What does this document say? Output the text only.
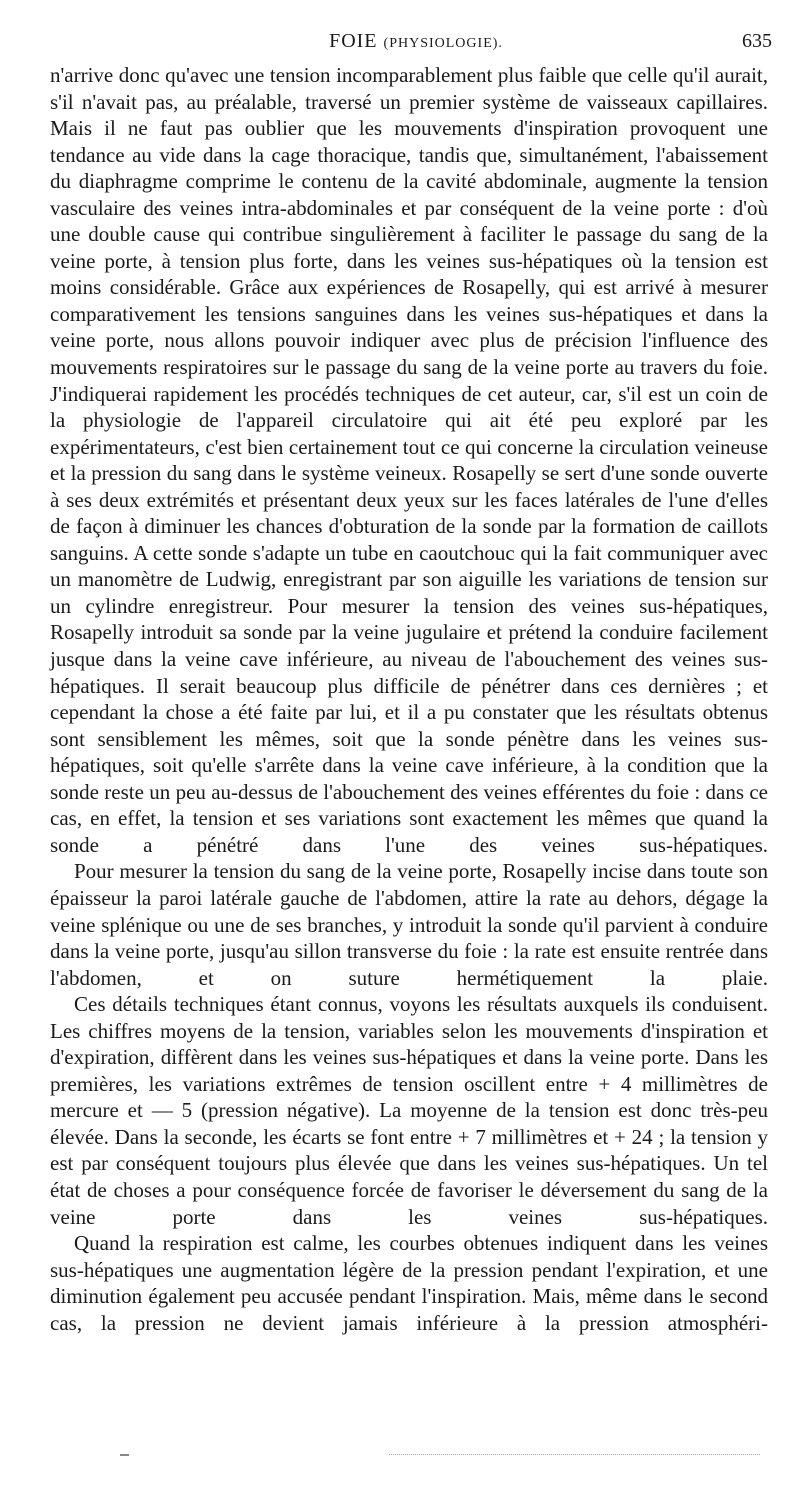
FOIE (PHYSIOLOGIE).	635

n'arrive donc qu'avec une tension incomparablement plus faible que celle qu'il aurait, s'il n'avait pas, au préalable, traversé un premier système de vaisseaux capillaires. Mais il ne faut pas oublier que les mouvements d'inspiration provoquent une tendance au vide dans la cage thoracique, tandis que, simultanément, l'abaissement du diaphragme comprime le contenu de la cavité abdominale, augmente la tension vasculaire des veines intra-abdominales et par conséquent de la veine porte : d'où une double cause qui contribue singulièrement à faciliter le passage du sang de la veine porte, à tension plus forte, dans les veines sus-hépatiques où la tension est moins considérable. Grâce aux expériences de Rosapelly, qui est arrivé à mesurer comparativement les tensions sanguines dans les veines sus-hépatiques et dans la veine porte, nous allons pouvoir indiquer avec plus de précision l'influence des mouvements respiratoires sur le passage du sang de la veine porte au travers du foie. J'indiquerai rapidement les procédés techniques de cet auteur, car, s'il est un coin de la physiologie de l'appareil circulatoire qui ait été peu exploré par les expérimentateurs, c'est bien certainement tout ce qui concerne la circulation veineuse et la pression du sang dans le système veineux. Rosapelly se sert d'une sonde ouverte à ses deux extrémités et présentant deux yeux sur les faces latérales de l'une d'elles de façon à diminuer les chances d'obturation de la sonde par la formation de caillots sanguins. A cette sonde s'adapte un tube en caoutchouc qui la fait communiquer avec un manomètre de Ludwig, enregistrant par son aiguille les variations de tension sur un cylindre enregistreur. Pour mesurer la tension des veines sus-hépatiques, Rosapelly introduit sa sonde par la veine jugulaire et prétend la conduire facilement jusque dans la veine cave inférieure, au niveau de l'abouchement des veines sus-hépatiques. Il serait beaucoup plus difficile de pénétrer dans ces dernières ; et cependant la chose a été faite par lui, et il a pu constater que les résultats obtenus sont sensiblement les mêmes, soit que la sonde pénètre dans les veines sus-hépatiques, soit qu'elle s'arrête dans la veine cave inférieure, à la condition que la sonde reste un peu au-dessus de l'abouchement des veines efférentes du foie : dans ce cas, en effet, la tension et ses variations sont exactement les mêmes que quand la sonde a pénétré dans l'une des veines sus-hépatiques.

Pour mesurer la tension du sang de la veine porte, Rosapelly incise dans toute son épaisseur la paroi latérale gauche de l'abdomen, attire la rate au dehors, dégage la veine splénique ou une de ses branches, y introduit la sonde qu'il parvient à conduire dans la veine porte, jusqu'au sillon transverse du foie : la rate est ensuite rentrée dans l'abdomen, et on suture hermétiquement la plaie.

Ces détails techniques étant connus, voyons les résultats auxquels ils conduisent. Les chiffres moyens de la tension, variables selon les mouvements d'inspiration et d'expiration, diffèrent dans les veines sus-hépatiques et dans la veine porte. Dans les premières, les variations extrêmes de tension oscillent entre + 4 millimètres de mercure et — 5 (pression négative). La moyenne de la tension est donc très-peu élevée. Dans la seconde, les écarts se font entre + 7 millimètres et + 24 ; la tension y est par conséquent toujours plus élevée que dans les veines sus-hépatiques. Un tel état de choses a pour conséquence forcée de favoriser le déversement du sang de la veine porte dans les veines sus-hépatiques.

Quand la respiration est calme, les courbes obtenues indiquent dans les veines sus-hépatiques une augmentation légère de la pression pendant l'expiration, et une diminution également peu accusée pendant l'inspiration. Mais, même dans le second cas, la pression ne devient jamais inférieure à la pression atmosphéri-
